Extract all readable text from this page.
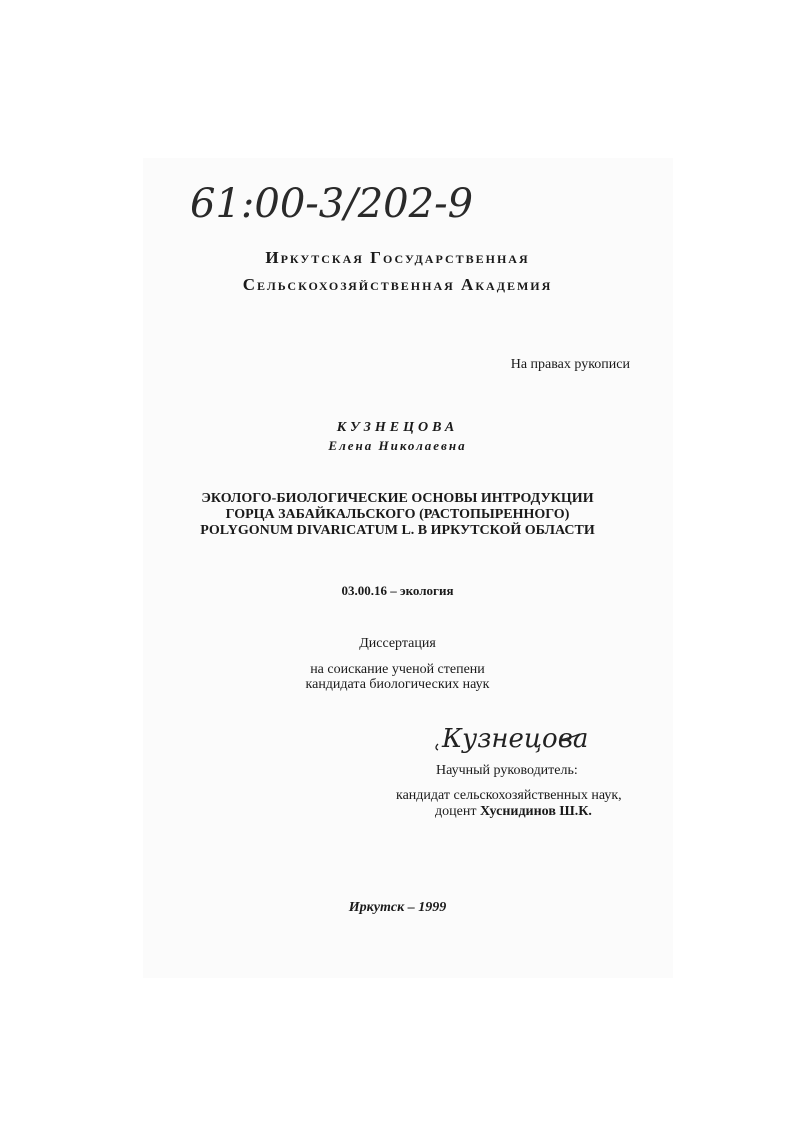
61:00-3/202-9
Иркутская Государственная
Сельскохозяйственная Академия
На правах рукописи
КУЗНЕЦОВА
Елена Николаевна
ЭКОЛОГО-БИОЛОГИЧЕСКИЕ ОСНОВЫ ИНТРОДУКЦИИ
ГОРЦА ЗАБАЙКАЛЬСКОГО (РАСТОПЫРЕННОГО)
POLYGONUM DIVARICATUM L. В ИРКУТСКОЙ ОБЛАСТИ
03.00.16 – экология
Диссертация
на соискание ученой степени
кандидата биологических наук
Кузнецова
Научный руководитель:
кандидат сельскохозяйственных наук,
доцент Хуснидинов Ш.К.
Иркутск – 1999
